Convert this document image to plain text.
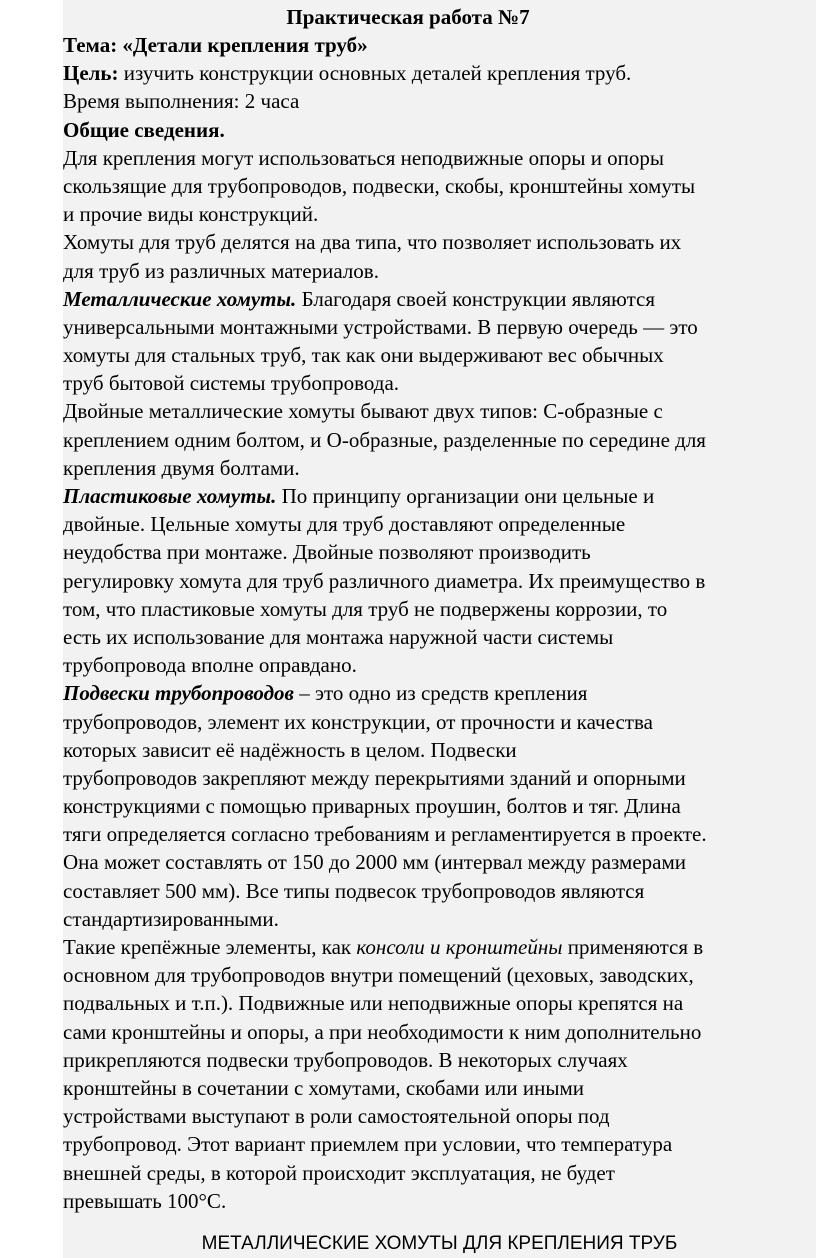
Практическая работа №7
Тема: «Детали крепления труб»
Цель: изучить конструкции основных деталей крепления труб.
Время выполнения: 2 часа
Общие сведения.
Для крепления могут использоваться неподвижные опоры и опоры
скользящие для трубопроводов, подвески, скобы, кронштейны хомуты
и прочие виды конструкций.
Хомуты для труб делятся на два типа, что позволяет использовать их
для труб из различных материалов.
Металлические хомуты. Благодаря своей конструкции являются
универсальными монтажными устройствами. В первую очередь — это
хомуты для стальных труб, так как они выдерживают вес обычных
труб бытовой системы трубопровода.
Двойные металлические хомуты бывают двух типов: С-образные с
креплением одним болтом, и О-образные, разделенные по середине для
крепления двумя болтами.
Пластиковые хомуты. По принципу организации они цельные и
двойные. Цельные хомуты для труб доставляют определенные
неудобства при монтаже. Двойные позволяют производить
регулировку хомута для труб различного диаметра. Их преимущество в
том, что пластиковые хомуты для труб не подвержены коррозии, то
есть их использование для монтажа наружной части системы
трубопровода вполне оправдано.
Подвески трубопроводов – это одно из средств крепления
трубопроводов, элемент их конструкции, от прочности и качества
которых зависит её надёжность в целом. Подвески
трубопроводов закрепляют между перекрытиями зданий и опорными
конструкциями с помощью приварных проушин, болтов и тяг. Длина
тяги определяется согласно требованиям и регламентируется в проекте.
Она может составлять от 150 до 2000 мм (интервал между размерами
составляет 500 мм). Все типы подвесок трубопроводов являются
стандартизированными.
Такие крепёжные элементы, как консоли и кронштейны применяются в
основном для трубопроводов внутри помещений (цеховых, заводских,
подвальных и т.п.). Подвижные или неподвижные опоры крепятся на
сами кронштейны и опоры, а при необходимости к ним дополнительно
прикрепляются подвески трубопроводов. В некоторых случаях
кронштейны в сочетании с хомутами, скобами или иными
устройствами выступают в роли самостоятельной опоры под
трубопровод. Этот вариант приемлем при условии, что температура
внешней среды, в которой происходит эксплуатация, не будет
превышать 100°С.
МЕТАЛЛИЧЕСКИЕ ХОМУТЫ ДЛЯ КРЕПЛЕНИЯ ТРУБ
